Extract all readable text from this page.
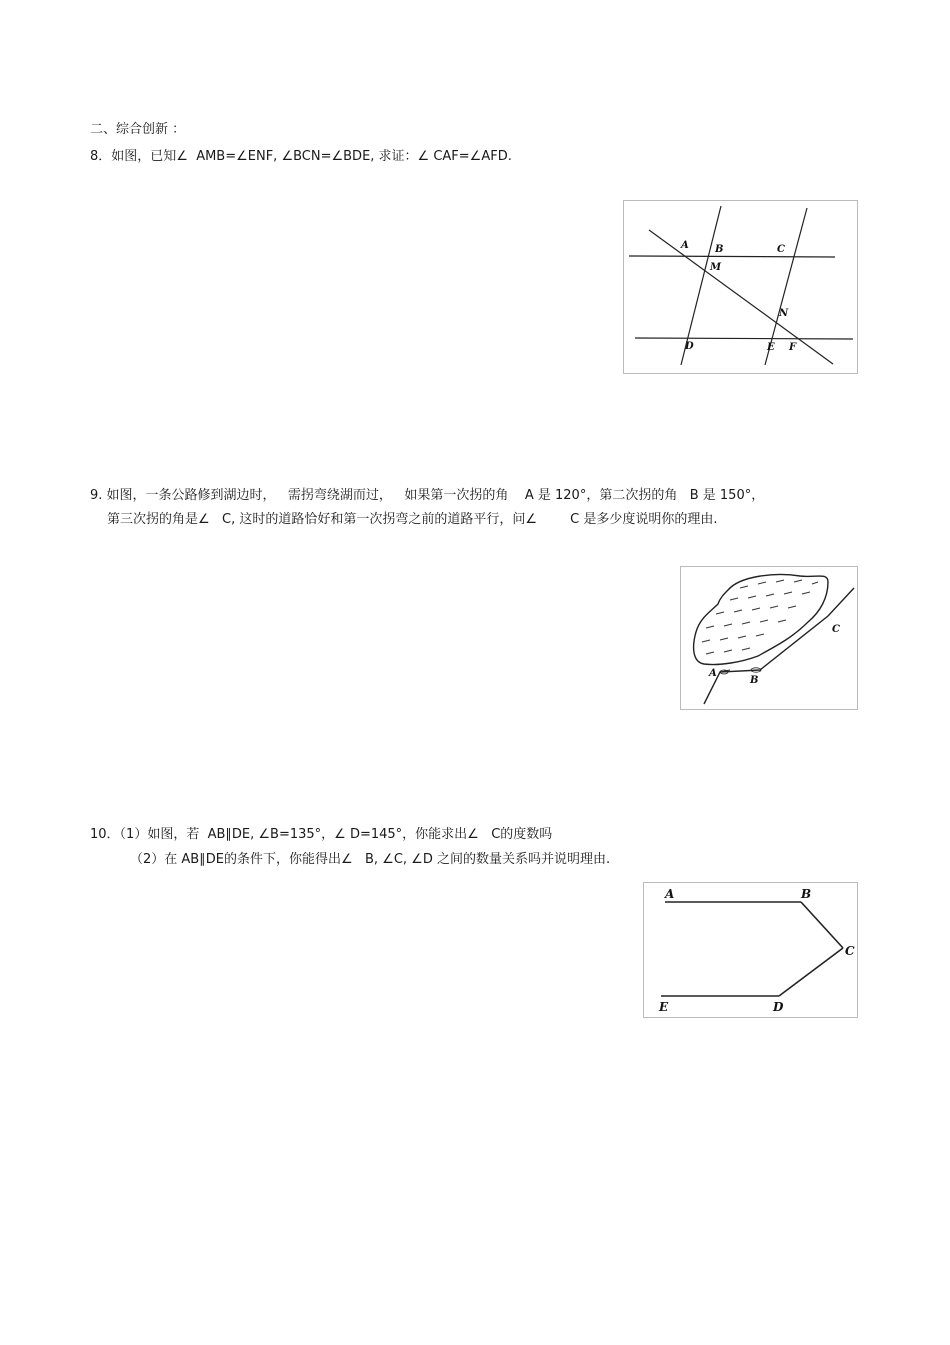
二、综合创新 ：
8．如图，已知∠  AMB=∠ENF, ∠BCN=∠BDE, 求证：∠ CAF=∠AFD.
A	B	C
M
N
D	E F
9. 如图，一条公路修到湖边时，   需拐弯绕湖而过，   如果第一次拐的角    A 是 120°，第二次拐的角   B 是 150°，
第三次拐的角是∠   C, 这时的道路恰好和第一次拐弯之前的道路平行，问∠        C 是多少度说明你的理由.
A
B
C
10．（1）如图，若  AB∥DE, ∠B=135°，∠ D=145°，你能求出∠   C的度数吗
（2）在 AB∥DE的条件下，你能得出∠   B, ∠C, ∠D 之间的数量关系吗并说明理由.
A	B
C
E	D
